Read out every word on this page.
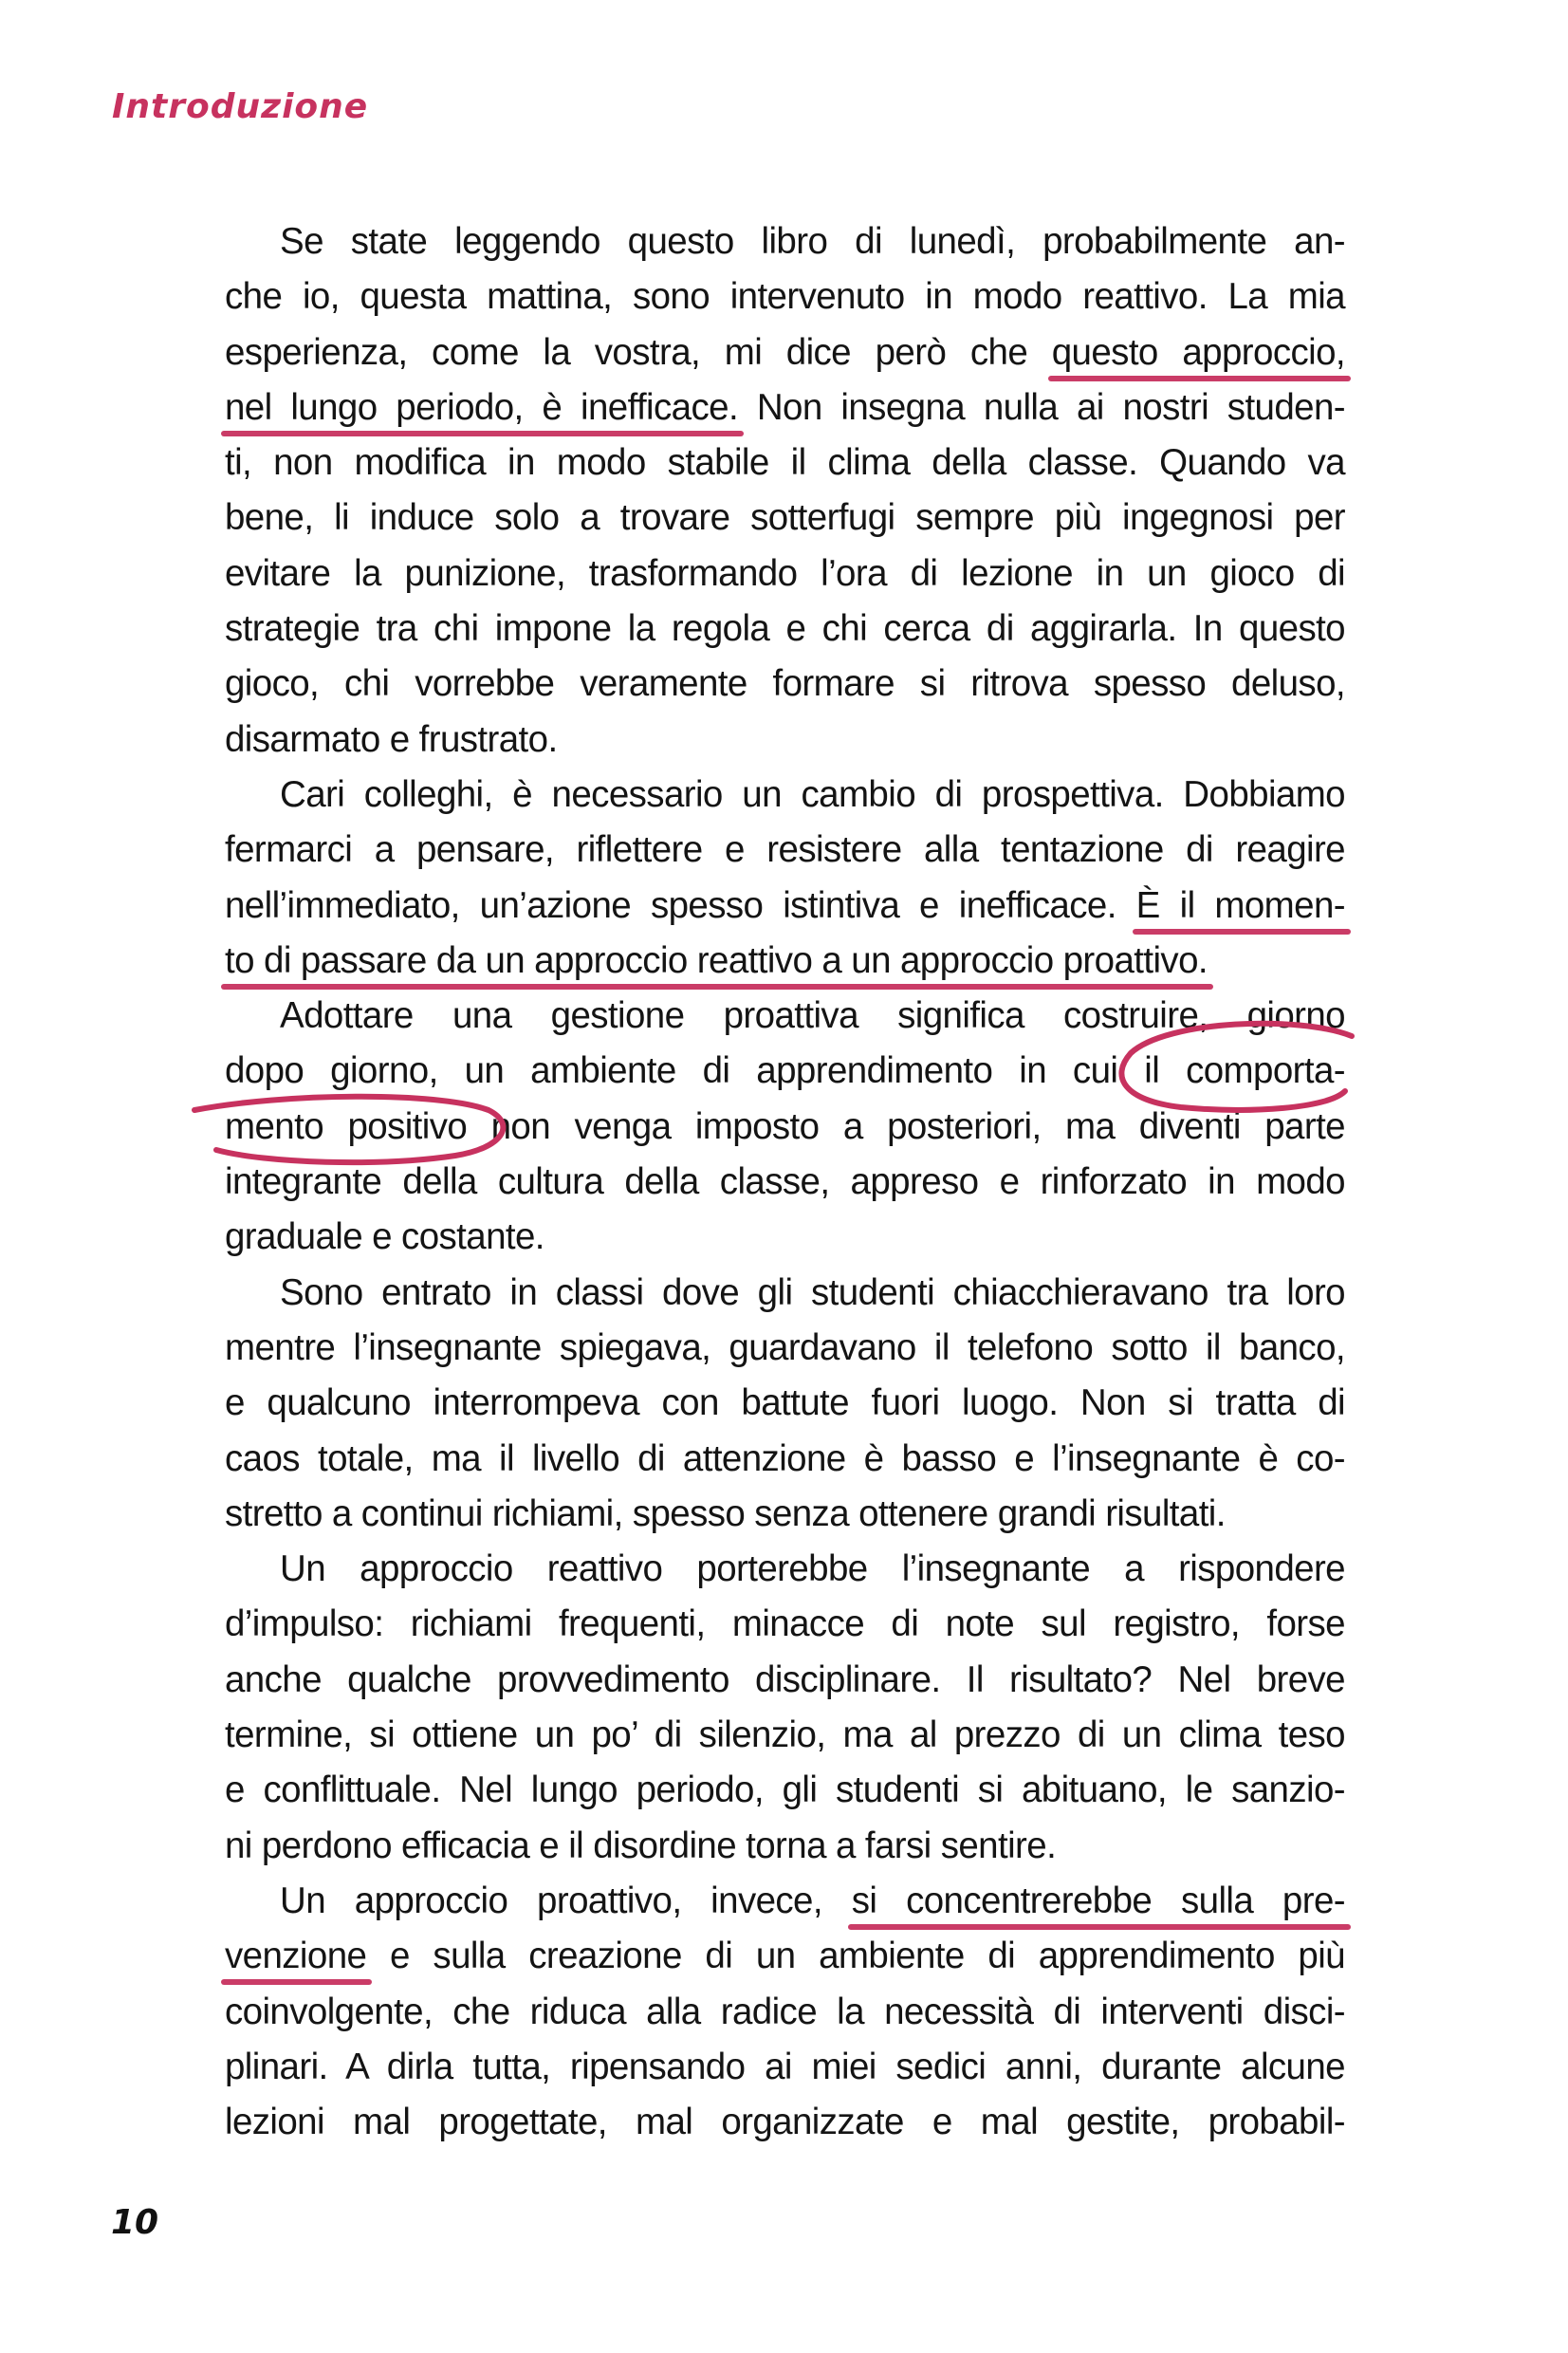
Introduzione
Se state leggendo questo libro di lunedì, probabilmente an-
che io, questa mattina, sono intervenuto in modo reattivo. La mia
esperienza, come la vostra, mi dice però che questo approccio,
nel lungo periodo, è inefficace. Non insegna nulla ai nostri studen-
ti, non modifica in modo stabile il clima della classe. Quando va
bene, li induce solo a trovare sotterfugi sempre più ingegnosi per
evitare la punizione, trasformando l’ora di lezione in un gioco di
strategie tra chi impone la regola e chi cerca di aggirarla. In questo
gioco, chi vorrebbe veramente formare si ritrova spesso deluso,
disarmato e frustrato.
Cari colleghi, è necessario un cambio di prospettiva. Dobbiamo
fermarci a pensare, riflettere e resistere alla tentazione di reagire
nell’immediato, un’azione spesso istintiva e inefficace. È il momen-
to di passare da un approccio reattivo a un approccio proattivo.
Adottare una gestione proattiva significa costruire, giorno
dopo giorno, un ambiente di apprendimento in cui il comporta-
mento positivo non venga imposto a posteriori, ma diventi parte
integrante della cultura della classe, appreso e rinforzato in modo
graduale e costante.
Sono entrato in classi dove gli studenti chiacchieravano tra loro
mentre l’insegnante spiegava, guardavano il telefono sotto il banco,
e qualcuno interrompeva con battute fuori luogo. Non si tratta di
caos totale, ma il livello di attenzione è basso e l’insegnante è co-
stretto a continui richiami, spesso senza ottenere grandi risultati.
Un approccio reattivo porterebbe l’insegnante a rispondere
d’impulso: richiami frequenti, minacce di note sul registro, forse
anche qualche provvedimento disciplinare. Il risultato? Nel breve
termine, si ottiene un po’ di silenzio, ma al prezzo di un clima teso
e conflittuale. Nel lungo periodo, gli studenti si abituano, le sanzio-
ni perdono efficacia e il disordine torna a farsi sentire.
Un approccio proattivo, invece, si concentrerebbe sulla pre-
venzione e sulla creazione di un ambiente di apprendimento più
coinvolgente, che riduca alla radice la necessità di interventi disci-
plinari. A dirla tutta, ripensando ai miei sedici anni, durante alcune
lezioni mal progettate, mal organizzate e mal gestite, probabil-
10
